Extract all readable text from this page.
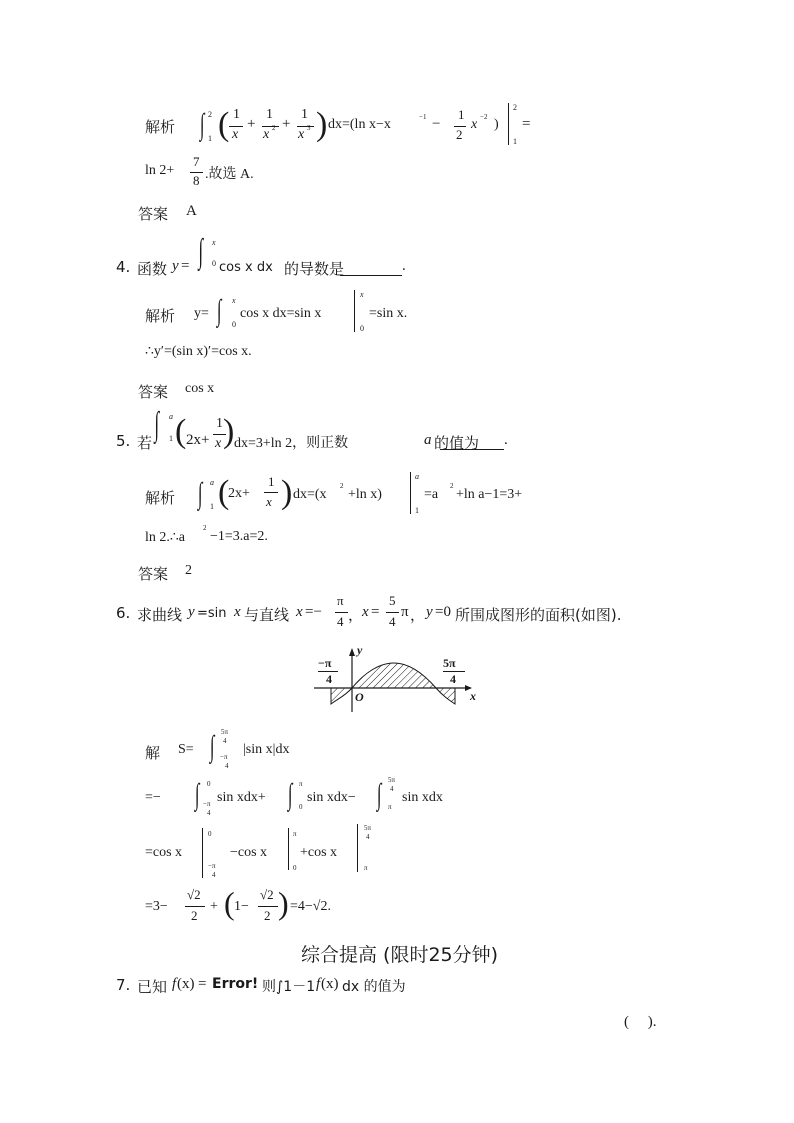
解析 ∫ 2
1 ( 1
x
+
1
x 2 +
1
x 3 ) dx=(ln x−x	−1 −
1
2
x −2 )
2
1
=
ln 2+
7
8 .故选 A.
答案 A
4. 函数 y = ∫ x
0 cos x dx 的导数是	.
解析 y= ∫ x
0
cos x dx=sin x
x
0
=sin x.
∴y′=(sin x)′=cos x.
答案 cos x
5. 若 ∫ a
1 ( 2x+
1
x ) dx=3+ln 2，则正数	a 的值为 .
解析 ∫ a
1 (
2x+
1
x ) dx=(x
2
+ln x)
a
1
=a
2
+ln a−1=3+
ln 2.∴a
2
−1=3.a=2.
答案 2
6. 求曲线 y =sin x 与直线 x =−
π
4 ，
x =
5
4
π ， y =0 所围成图形的面积(如图).
y
x
O
−π
4
5π
4
解 S= ∫ 5π
4
−π
4
|sin x|dx
=− ∫ 0
−π
4
sin xdx+ ∫ π
0
sin xdx− ∫ 5π
4
π
sin xdx
=cos x
0
−π
4
−cos x
π
0
+cos x
5π
4
π
=3−
√2
2
+ ( 1−
√2
2 ) =4−√2.
综合提高 (限时25分钟)
7. 已知 f (x) = Error! 则∫1－1 f (x) dx 的值为
(　 ).
